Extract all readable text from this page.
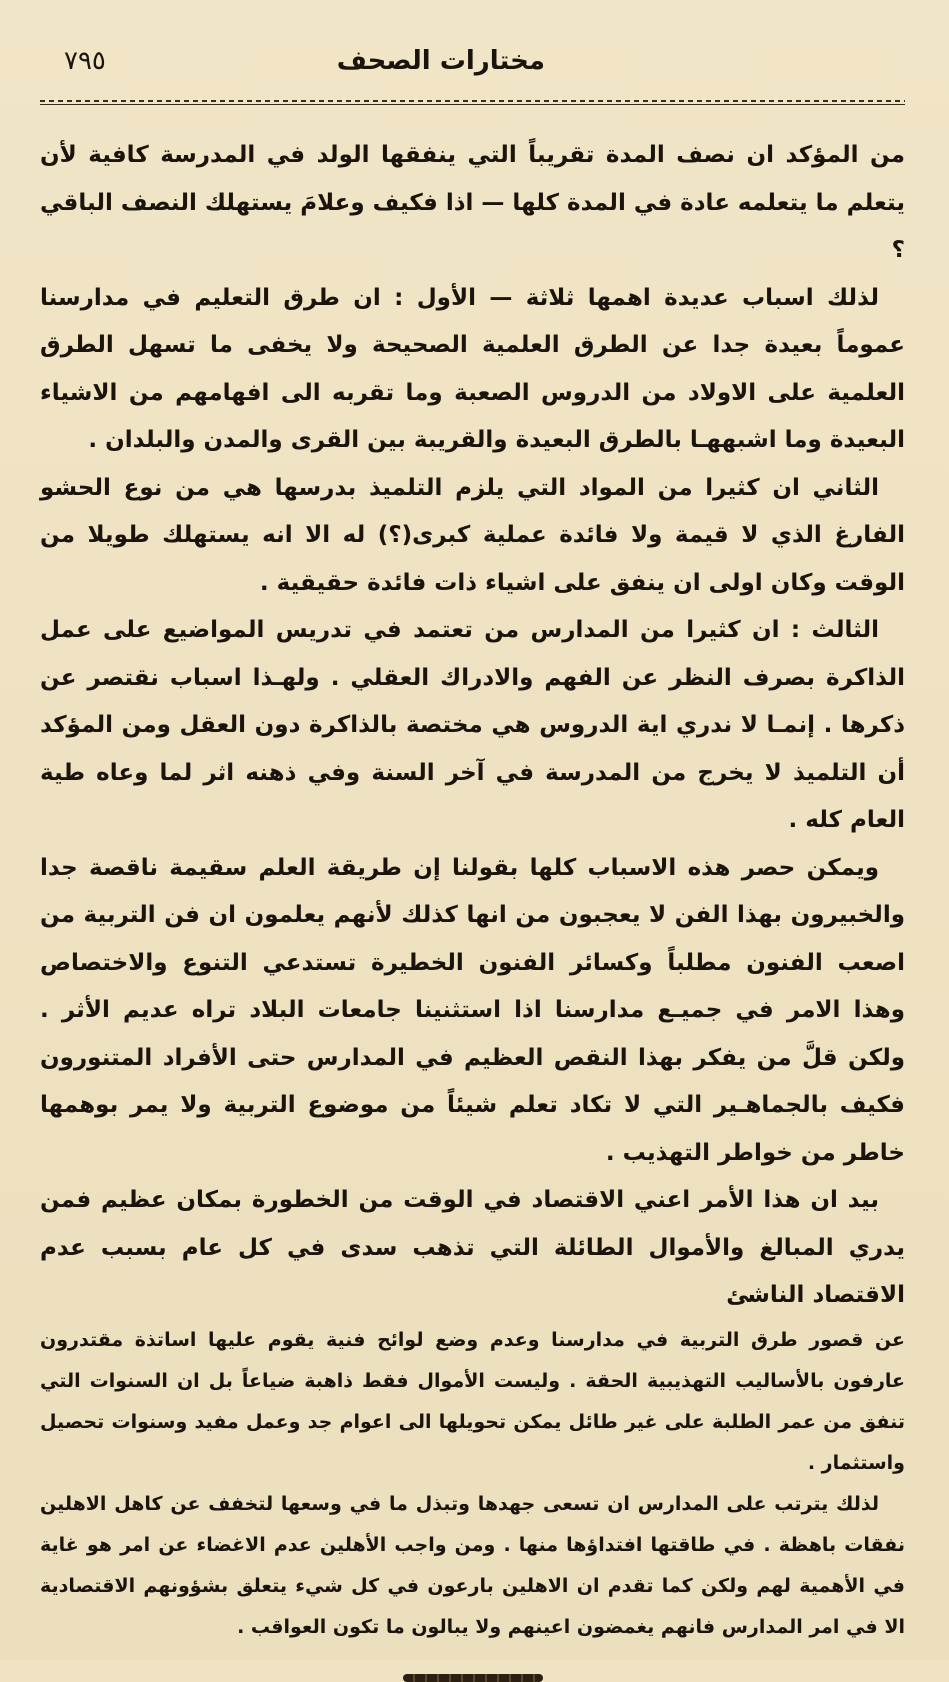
مختارات الصحف
٧٩٥

من المؤكد ان نصف المدة تقريباً التي ينفقها الولد في المدرسة كافية لأن يتعلم ما يتعلمه عادة في المدة كلها — اذا فكيف وعلامَ يستهلك النصف الباقي ؟

لذلك اسباب عديدة اهمها ثلاثة — الأول : ان طرق التعليم في مدارسنا عموماً بعيدة جدا عن الطرق العلمية الصحيحة ولا يخفى ما تسهل الطرق العلمية على الاولاد من الدروس الصعبة وما تقربه الى افهامهم من الاشياء البعيدة وما اشبههـا بالطرق البعيدة والقريبة بين القرى والمدن والبلدان .

الثاني ان كثيرا من المواد التي يلزم التلميذ بدرسها هي من نوع الحشو الفارغ الذي لا قيمة ولا فائدة عملية كبرى(؟) له الا انه يستهلك طويلا من الوقت وكان اولى ان ينفق على اشياء ذات فائدة حقيقية .

الثالث : ان كثيرا من المدارس من تعتمد في تدريس المواضيع على عمل الذاكرة بصرف النظر عن الفهم والادراك العقلي . ولهـذا اسباب نقتصر عن ذكرها . إنمـا لا ندري اية الدروس هي مختصة بالذاكرة دون العقل ومن المؤكد أن التلميذ لا يخرج من المدرسة في آخر السنة وفي ذهنه اثر لما وعاه طية العام كله .

ويمكن حصر هذه الاسباب كلها بقولنا إن طريقة العلم سقيمة ناقصة جدا والخبيرون بهذا الفن لا يعجبون من انها كذلك لأنهم يعلمون ان فن التربية من اصعب الفنون مطلباً وكسائر الفنون الخطيرة تستدعي التنوع والاختصاص وهذا الامر في جميـع مدارسنا اذا استثنينا جامعات البلاد تراه عديم الأثر . ولكن قلَّ من يفكر بهذا النقص العظيم في المدارس حتى الأفراد المتنورون فكيف بالجماهـير التي لا تكاد تعلم شيئاً من موضوع التربية ولا يمر بوهمها خاطر من خواطر التهذيب .

بيد ان هذا الأمر اعني الاقتصاد في الوقت من الخطورة بمكان عظيم فمن يدري المبالغ والأموال الطائلة التي تذهب سدى في كل عام بسبب عدم الاقتصاد الناشئ

عن قصور طرق التربية في مدارسنا وعدم وضع لوائح فنية يقوم عليها اساتذة مقتدرون عارفون بالأساليب التهذيبية الحقة . وليست الأموال فقط ذاهبة ضياعاً بل ان السنوات التي تنفق من عمر الطلبة على غير طائل يمكن تحويلها الى اعوام جد وعمل مفيد وسنوات تحصيل واستثمار .

لذلك يترتب على المدارس ان تسعى جهدها وتبذل ما في وسعها لتخفف عن كاهل الاهلين نفقات باهظة . في طاقتها افتداؤها منها . ومن واجب الأهلين عدم الاغضاء عن امر هو غاية في الأهمية لهم ولكن كما تقدم ان الاهلين بارعون في كل شيء يتعلق بشؤونهم الاقتصادية الا في امر المدارس فانهم يغمضون اعينهم ولا يبالون ما تكون العواقب .
